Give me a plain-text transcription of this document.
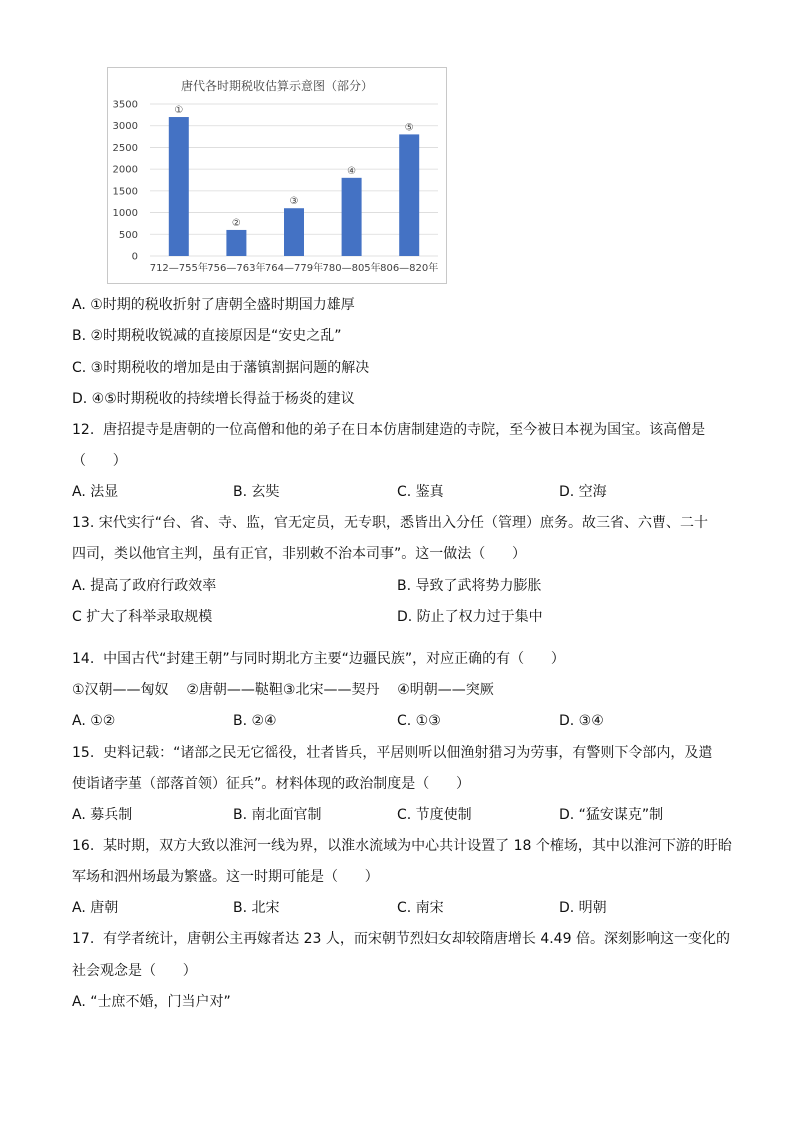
唐代各时期税收估算示意图（部分）
0
500
1000
1500
2000
2500
3000
3500
①
②
③
④
⑤
712—755年 756—763年 764—779年 780—805年 806—820年
A. ①时期的税收折射了唐朝全盛时期国力雄厚
B. ②时期税收锐减的直接原因是“安史之乱”
C. ③时期税收的增加是由于藩镇割据问题的解决
D. ④⑤时期税收的持续增长得益于杨炎的建议
12.  唐招提寺是唐朝的一位高僧和他的弟子在日本仿唐制建造的寺院，至今被日本视为国宝。该高僧是
（      ）
A. 法显	B. 玄奘	C. 鉴真	D. 空海
13. 宋代实行“台、省、寺、监，官无定员，无专职，悉皆出入分任（管理）庶务。故三省、六曹、二十
四司，类以他官主判，虽有正官，非别敕不治本司事”。这一做法（      ）
A. 提高了政府行政效率	B. 导致了武将势力膨胀
C 扩大了科举录取规模	D. 防止了权力过于集中
14.  中国古代“封建王朝”与同时期北方主要“边疆民族”，对应正确的有（      ）
①汉朝——匈奴    ②唐朝——鞑靼③北宋——契丹    ④明朝——突厥
A. ①②	B. ②④	C. ①③	D. ③④
15.  史料记载：“诸部之民无它徭役，壮者皆兵，平居则听以佃渔射猎习为劳事，有警则下令部内，及遣
使诣诸孛堇（部落首领）征兵”。材料体现的政治制度是（      ）
A. 募兵制	B. 南北面官制	C. 节度使制	D. “猛安谋克”制
16.  某时期，双方大致以淮河一线为界，以淮水流域为中心共计设置了 18 个榷场，其中以淮河下游的盱眙
军场和泗州场最为繁盛。这一时期可能是（      ）
A. 唐朝	B. 北宋	C. 南宋	D. 明朝
17.  有学者统计，唐朝公主再嫁者达 23 人，而宋朝节烈妇女却较隋唐增长 4.49 倍。深刻影响这一变化的
社会观念是（      ）
A. “士庶不婚，门当户对”
